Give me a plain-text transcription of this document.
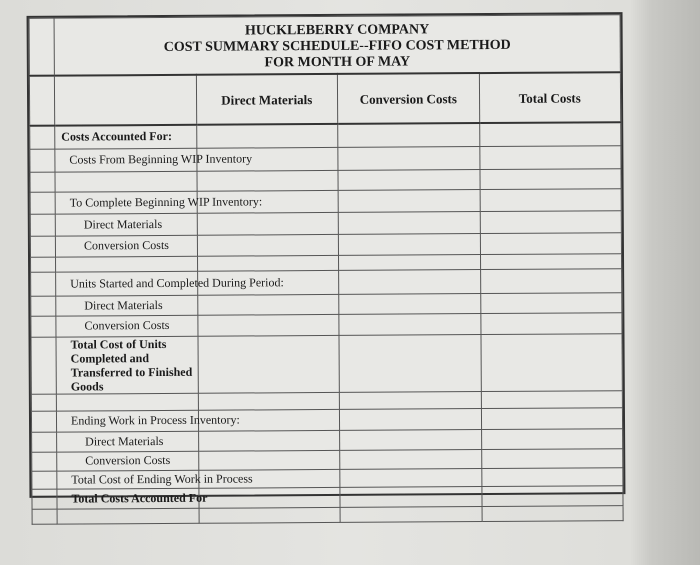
	HUCKLEBERRY COMPANY
COST SUMMARY SCHEDULE--FIFO COST METHOD
FOR MONTH OF MAY			

		Direct Materials	Conversion Costs	Total Costs
	Costs Accounted For:			
	Costs From Beginning WIP Inventory			

	To Complete Beginning WIP Inventory:			
	Direct Materials			
	Conversion Costs			

	Units Started and Completed During Period:			
	Direct Materials			
	Conversion Costs			
	Total Cost of Units Completed and Transferred to Finished Goods			

	Ending Work in Process Inventory:			
	Direct Materials			
	Conversion Costs			
	Total Cost of Ending Work in Process			
	Total Costs Accounted For			
